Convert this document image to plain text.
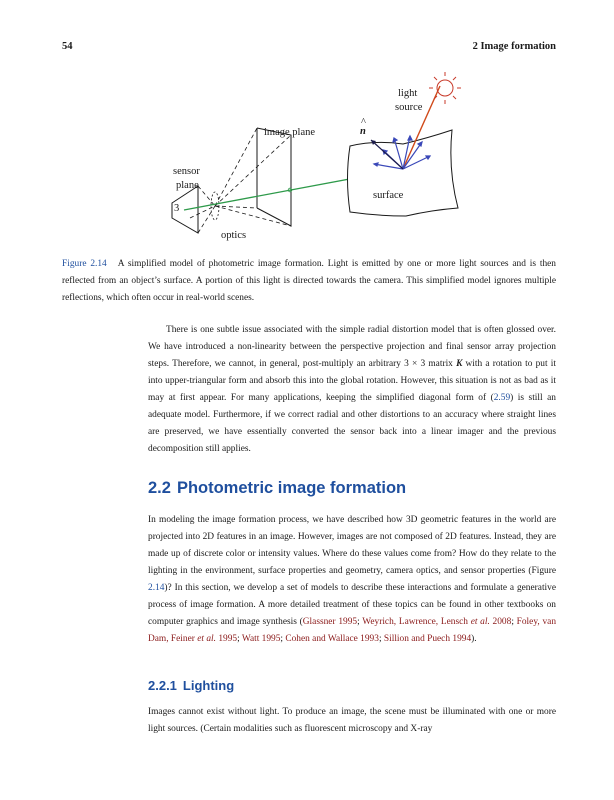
54	2 Image formation
3
light
source
image plane
^
n
sensor
plane
surface
optics
Figure 2.14 A simplified model of photometric image formation. Light is emitted by one or more light sources and is then reflected from an object’s surface. A portion of this light is directed towards the camera. This simplified model ignores multiple reflections, which often occur in real-world scenes.

There is one subtle issue associated with the simple radial distortion model that is often glossed over. We have introduced a non-linearity between the perspective projection and final sensor array projection steps. Therefore, we cannot, in general, post-multiply an arbitrary 3 × 3 matrix K with a rotation to put it into upper-triangular form and absorb this into the global rotation. However, this situation is not as bad as it may at first appear. For many applications, keeping the simplified diagonal form of (2.59) is still an adequate model. Furthermore, if we correct radial and other distortions to an accuracy where straight lines are preserved, we have essentially converted the sensor back into a linear imager and the previous decomposition still applies.

2.2 Photometric image formation

In modeling the image formation process, we have described how 3D geometric features in the world are projected into 2D features in an image. However, images are not composed of 2D features. Instead, they are made up of discrete color or intensity values. Where do these values come from? How do they relate to the lighting in the environment, surface properties and geometry, camera optics, and sensor properties (Figure 2.14)? In this section, we develop a set of models to describe these interactions and formulate a generative process of image formation. A more detailed treatment of these topics can be found in other textbooks on computer graphics and image synthesis (Glassner 1995; Weyrich, Lawrence, Lensch et al. 2008; Foley, van Dam, Feiner et al. 1995; Watt 1995; Cohen and Wallace 1993; Sillion and Puech 1994).

2.2.1 Lighting

Images cannot exist without light. To produce an image, the scene must be illuminated with one or more light sources. (Certain modalities such as fluorescent microscopy and X-ray
